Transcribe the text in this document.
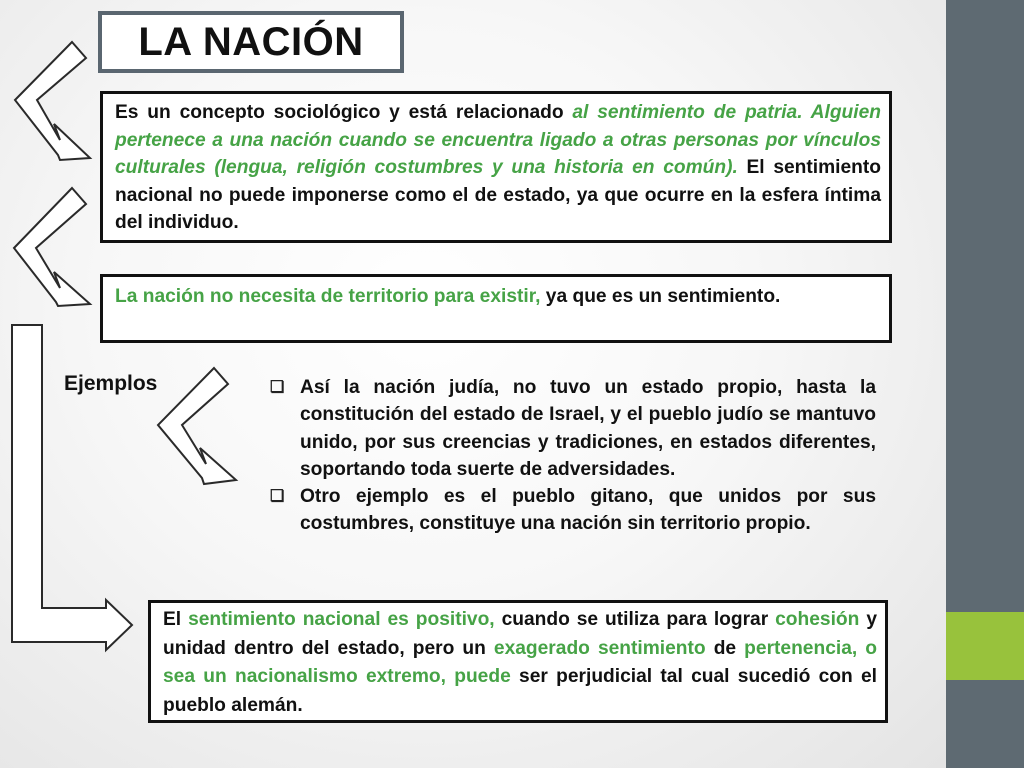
LA NACIÓN

Es un concepto sociológico y está relacionado al sentimiento de patria. Alguien pertenece a una nación cuando se encuentra ligado a otras personas por vínculos culturales (lengua, religión costumbres y una historia en común). El sentimiento nacional no puede imponerse como el de estado, ya que ocurre en la esfera íntima del individuo.

La nación no necesita de territorio para existir, ya que es un sentimiento.

Ejemplos	❏ Así la nación judía, no tuvo un estado propio, hasta la constitución del estado de Israel, y el pueblo judío se mantuvo unido, por sus creencias y tradiciones, en estados diferentes, soportando toda suerte de adversidades.
❏ Otro ejemplo es el pueblo gitano, que unidos por sus costumbres, constituye una nación sin territorio propio.

El sentimiento nacional es positivo, cuando se utiliza para lograr cohesión y unidad dentro del estado, pero un exagerado sentimiento de pertenencia, o sea un nacionalismo extremo, puede ser perjudicial tal cual sucedió con el pueblo alemán.
